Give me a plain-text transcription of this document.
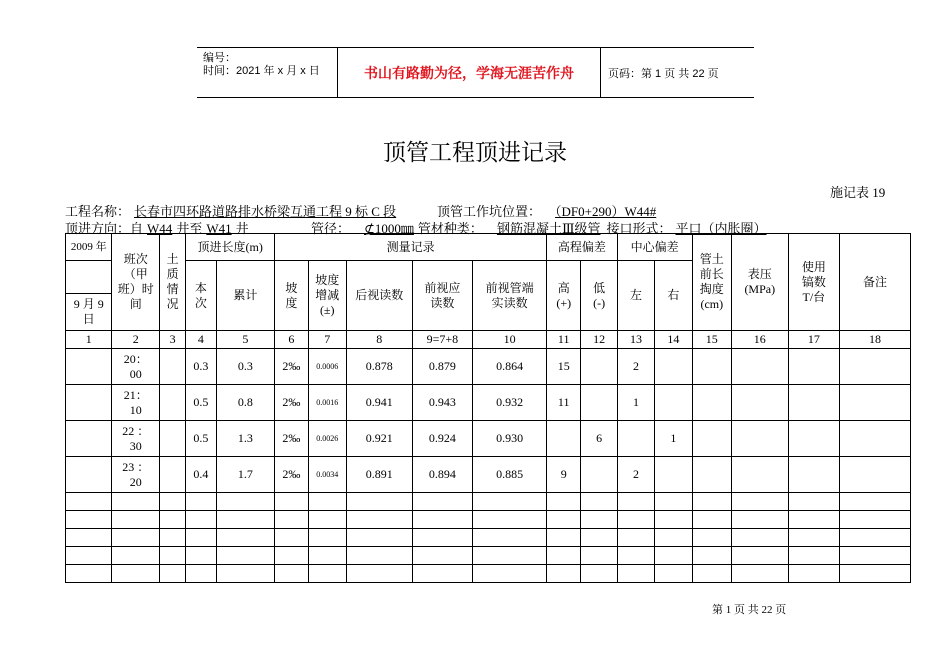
编号：
时间：2021 年 x 月 x 日	书山有路勤为径，学海无涯苦作舟	页码：第 1 页 共 22 页
顶管工程顶进记录
施记表 19
工程名称： 长春市四环路道路排水桥梁互通工程 9 标 C 段	顶管工作坑位置： （DF0+290）W44#
顶进方向：自 W44 井至 W41 井	管径： ⊄1000㎜ 管材种类： 钢筋混凝土Ⅲ级管 接口形式： 平口（内胀圈）
2009 年	班次（甲班）时间	土质情况	顶进长度(m)		测量记录					高程偏差		中心偏差		管土前长掏度(cm)	表压(MPa)	使用镐数T/台	备注
			本次	累计	坡度	坡度增减(±)	后视读数	前视应读数	前视管端实读数	高(+)	低(-)	左	右				
9 月 9 日																	
1	2	3	4	5	6	7	8	9=7+8	10	11	12	13	14	15	16	17	18
	20：00		0.3	0.3	2‰	0.0006	0.878	0.879	0.864	15		2					
	21：10		0.5	0.8	2‰	0.0016	0.941	0.943	0.932	11		1					
	22 ：30		0.5	1.3	2‰	0.0026	0.921	0.924	0.930		6		1				
	23 ：20		0.4	1.7	2‰	0.0034	0.891	0.894	0.885	9		2					

第 1 页 共 22 页
